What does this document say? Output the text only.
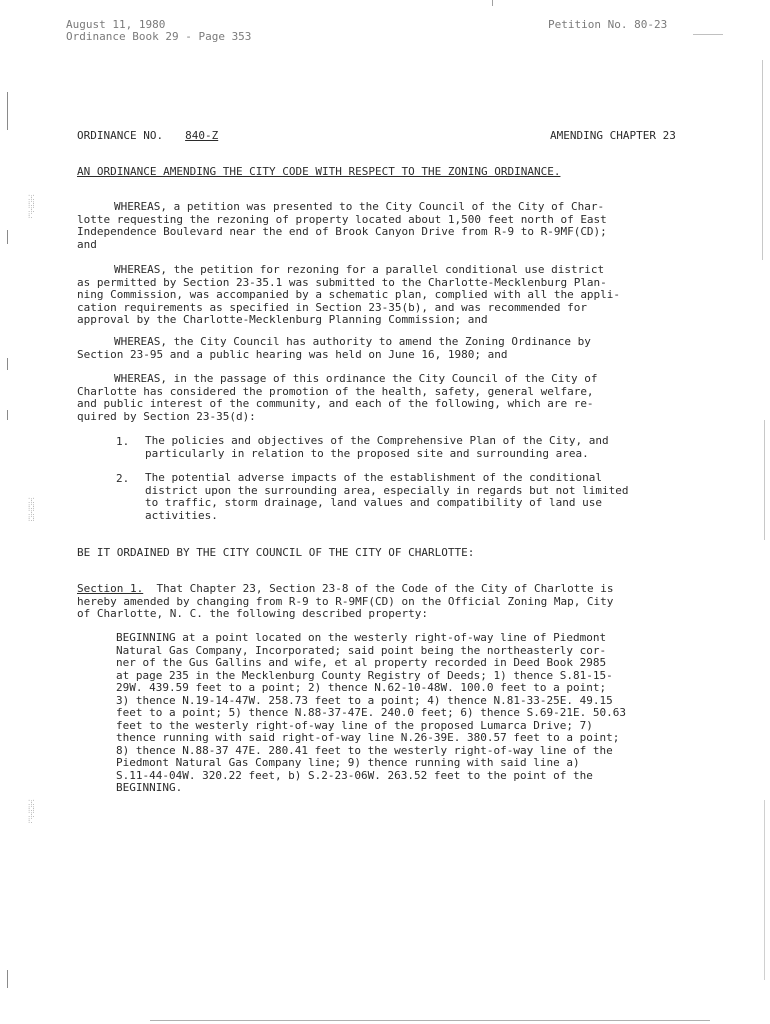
August 11, 1980
Ordinance Book 29 - Page 353
Petition No. 80-23
ORDINANCE NO. 840-Z	AMENDING CHAPTER 23
AN ORDINANCE AMENDING THE CITY CODE WITH RESPECT TO THE ZONING ORDINANCE.
WHEREAS, a petition was presented to the City Council of the City of Char-
lotte requesting the rezoning of property located about 1,500 feet north of East
Independence Boulevard near the end of Brook Canyon Drive from R-9 to R-9MF(CD);
and
WHEREAS, the petition for rezoning for a parallel conditional use district
as permitted by Section 23-35.1 was submitted to the Charlotte-Mecklenburg Plan-
ning Commission, was accompanied by a schematic plan, complied with all the appli-
cation requirements as specified in Section 23-35(b), and was recommended for
approval by the Charlotte-Mecklenburg Planning Commission; and
WHEREAS, the City Council has authority to amend the Zoning Ordinance by
Section 23-95 and a public hearing was held on June 16, 1980; and
WHEREAS, in the passage of this ordinance the City Council of the City of
Charlotte has considered the promotion of the health, safety, general welfare,
and public interest of the community, and each of the following, which are re-
quired by Section 23-35(d):
1. The policies and objectives of the Comprehensive Plan of the City, and
particularly in relation to the proposed site and surrounding area.
2. The potential adverse impacts of the establishment of the conditional
district upon the surrounding area, especially in regards but not limited
to traffic, storm drainage, land values and compatibility of land use
activities.
BE IT ORDAINED BY THE CITY COUNCIL OF THE CITY OF CHARLOTTE:
Section 1.  That Chapter 23, Section 23-8 of the Code of the City of Charlotte is
hereby amended by changing from R-9 to R-9MF(CD) on the Official Zoning Map, City
of Charlotte, N. C. the following described property:
BEGINNING at a point located on the westerly right-of-way line of Piedmont
Natural Gas Company, Incorporated; said point being the northeasterly cor-
ner of the Gus Gallins and wife, et al property recorded in Deed Book 2985
at page 235 in the Mecklenburg County Registry of Deeds; 1) thence S.81-15-
29W. 439.59 feet to a point; 2) thence N.62-10-48W. 100.0 feet to a point;
3) thence N.19-14-47W. 258.73 feet to a point; 4) thence N.81-33-25E. 49.15
feet to a point; 5) thence N.88-37-47E. 240.0 feet; 6) thence S.69-21E. 50.63
feet to the westerly right-of-way line of the proposed Lumarca Drive; 7)
thence running with said right-of-way line N.26-39E. 380.57 feet to a point;
8) thence N.88-37 47E. 280.41 feet to the westerly right-of-way line of the
Piedmont Natural Gas Company line; 9) thence running with said line a)
S.11-44-04W. 320.22 feet, b) S.2-23-06W. 263.52 feet to the point of the
BEGINNING.
⁚⁝⁚
⁝⁚⁝
⁚⁝⁚
⁝⁚
⁚⁝⁚
⁝⁚⁝
⁚⁝⁚
⁝⁚⁝
⁚⁝⁚
⁝⁚⁝
⁚⁝⁚
⁝⁚
